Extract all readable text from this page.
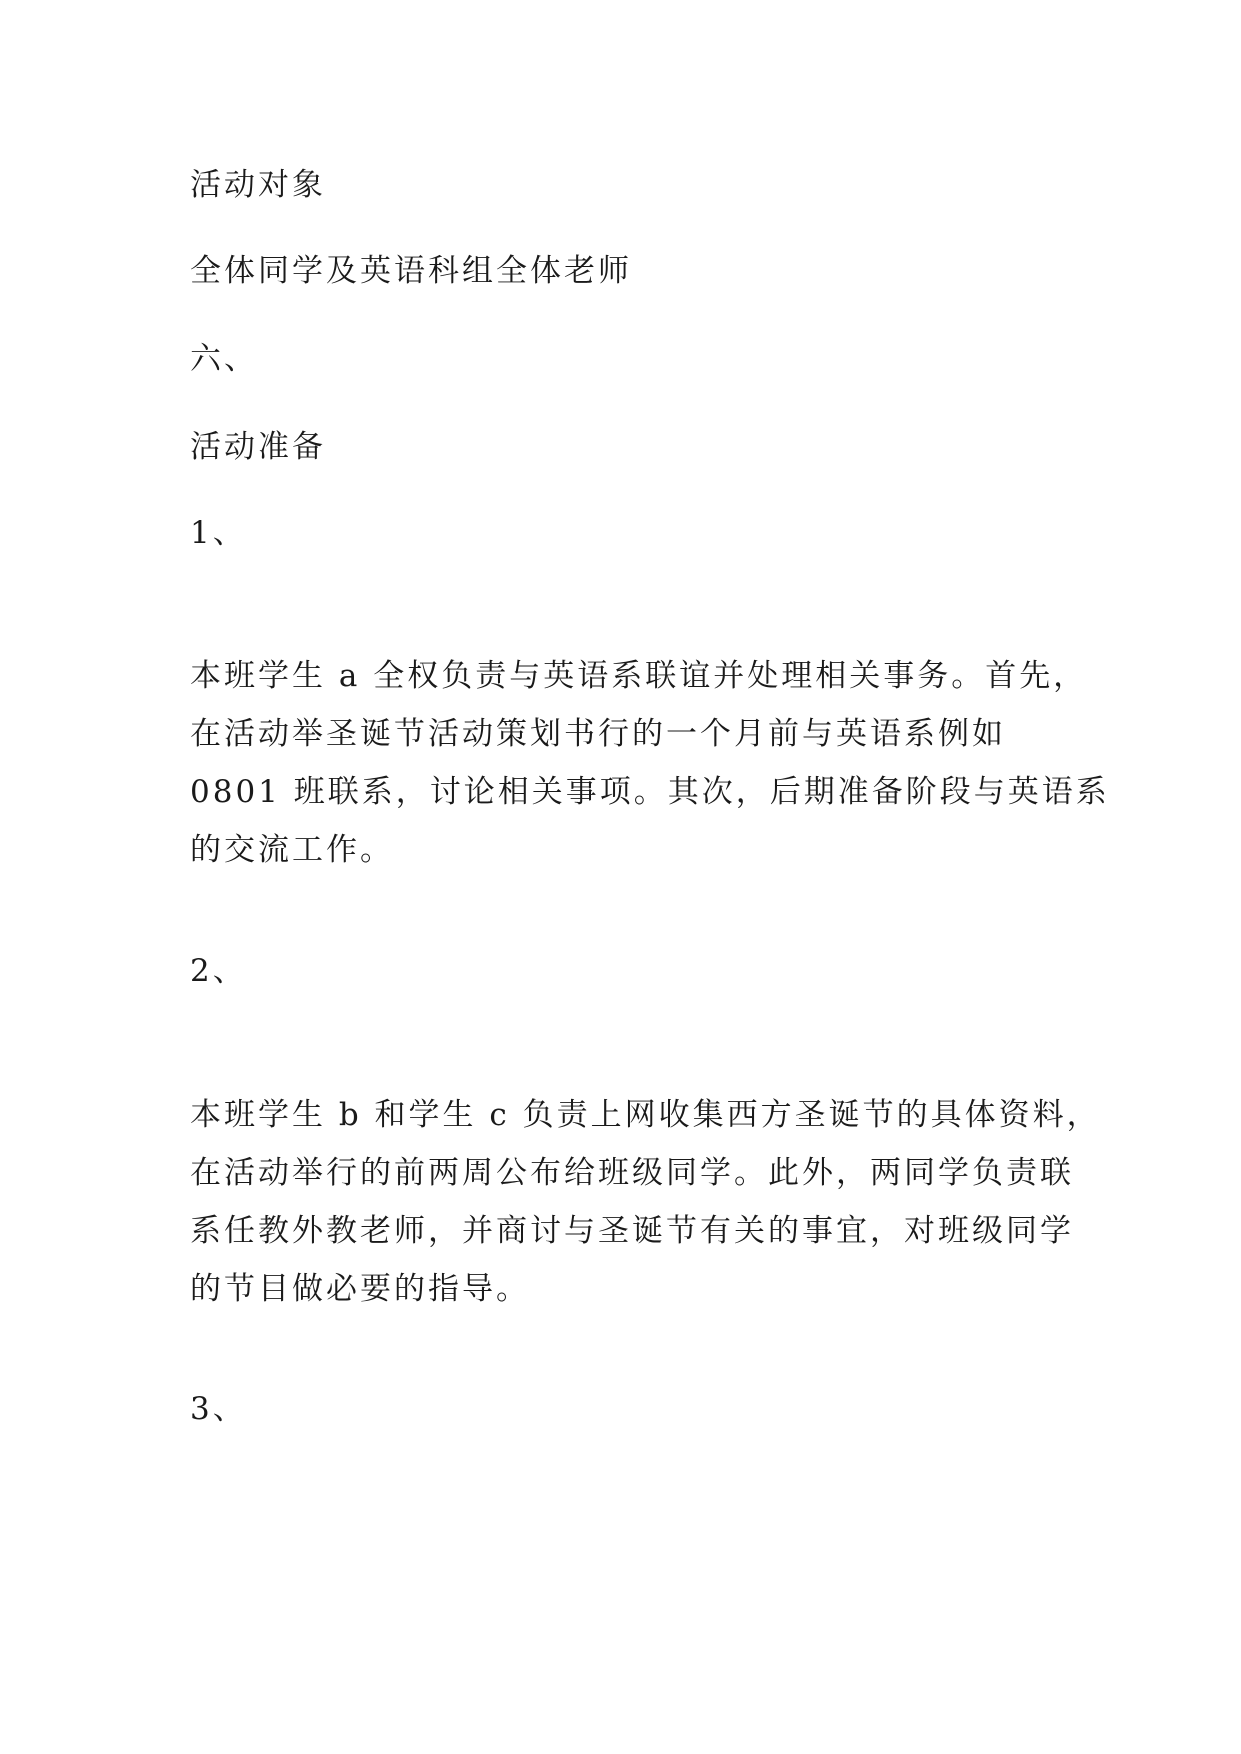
活动对象
全体同学及英语科组全体老师
六、
活动准备
1、
本班学生 a 全权负责与英语系联谊并处理相关事务。首先，
在活动举圣诞节活动策划书行的一个月前与英语系例如
0801 班联系，讨论相关事项。其次，后期准备阶段与英语系
的交流工作。
2、
本班学生 b 和学生 c 负责上网收集西方圣诞节的具体资料，
在活动举行的前两周公布给班级同学。此外，两同学负责联
系任教外教老师，并商讨与圣诞节有关的事宜，对班级同学
的节目做必要的指导。
3、
